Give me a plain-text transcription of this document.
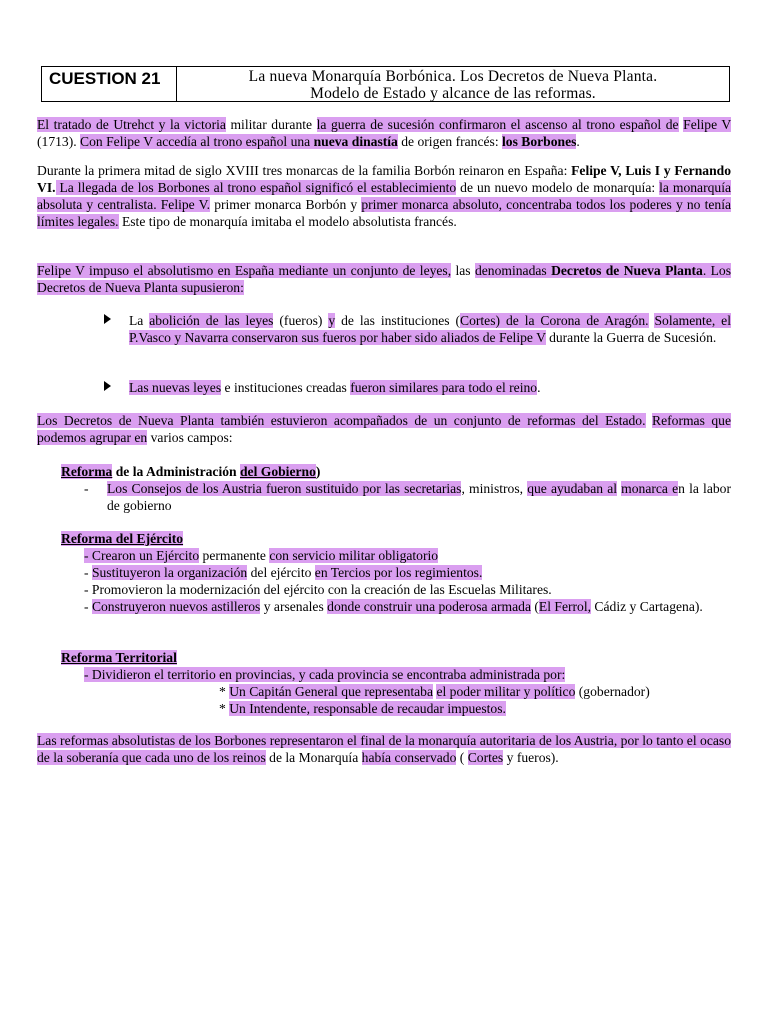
CUESTION 21	La nueva Monarquía Borbónica. Los Decretos de Nueva Planta.
Modelo de Estado y alcance de las reformas.

El tratado de Utrehct y la victoria militar durante la guerra de sucesión confirmaron el ascenso al trono español de Felipe V (1713). Con Felipe V accedía al trono español una nueva dinastía de origen francés: los Borbones.

Durante la primera mitad de siglo XVIII tres monarcas de la familia Borbón reinaron en España: Felipe V, Luis I y Fernando VI. La llegada de los Borbones al trono español significó el establecimiento de un nuevo modelo de monarquía: la monarquía absoluta y centralista. Felipe V. primer monarca Borbón y primer monarca absoluto, concentraba todos los poderes y no tenía límites legales. Este tipo de monarquía imitaba el modelo absolutista francés.

Felipe V impuso el absolutismo en España mediante un conjunto de leyes, las denominadas Decretos de Nueva Planta. Los Decretos de Nueva Planta supusieron:

La abolición de las leyes (fueros) y de las instituciones (Cortes) de la Corona de Aragón. Solamente, el P.Vasco y Navarra conservaron sus fueros por haber sido aliados de Felipe V durante la Guerra de Sucesión.

Las nuevas leyes e instituciones creadas fueron similares para todo el reino.

Los Decretos de Nueva Planta también estuvieron acompañados de un conjunto de reformas del Estado. Reformas que podemos agrupar en varios campos:

Reforma de la Administración del Gobierno)

- Los Consejos de los Austria fueron sustituido por las secretarias, ministros, que ayudaban al monarca en la labor de gobierno

Reforma del Ejército

- Crearon un Ejército permanente con servicio militar obligatorio
- Sustituyeron la organización del ejército en Tercios por los regimientos.
- Promovieron la modernización del ejército con la creación de las Escuelas Militares.
- Construyeron nuevos astilleros y arsenales donde construir una poderosa armada (El Ferrol, Cádiz y Cartagena).

Reforma Territorial

- Dividieron el territorio en provincias, y cada provincia se encontraba administrada por:
* Un Capitán General que representaba el poder militar y político (gobernador)
* Un Intendente, responsable de recaudar impuestos.

Las reformas absolutistas de los Borbones representaron el final de la monarquía autoritaria de los Austria, por lo tanto el ocaso de la soberanía que cada uno de los reinos de la Monarquía había conservado ( Cortes y fueros).
